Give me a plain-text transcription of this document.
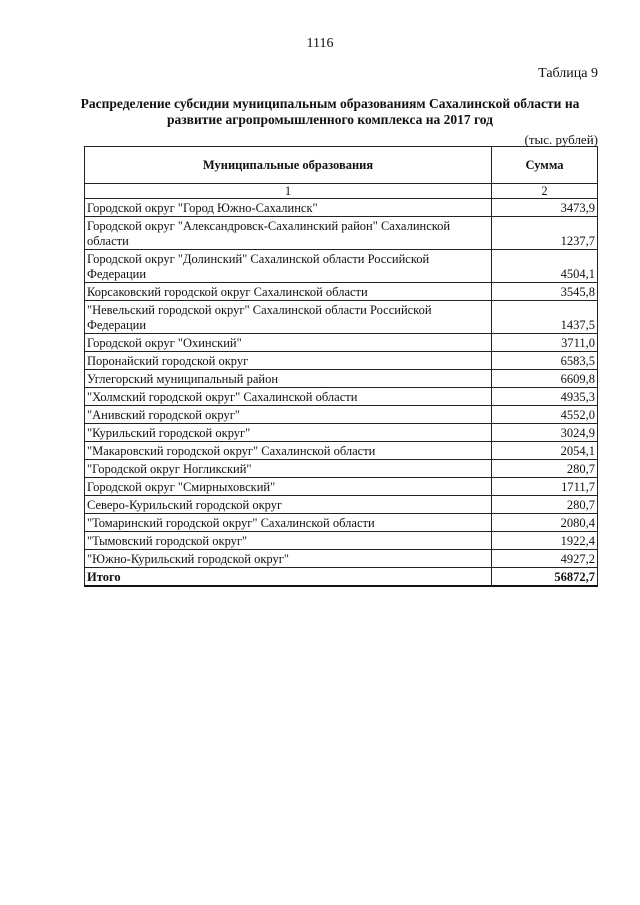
1116
Таблица 9
Распределение субсидии муниципальным образованиям Сахалинской области на развитие агропромышленного комплекса на 2017 год
(тыс. рублей)
Муниципальные образования	Сумма
1	2
Городской округ "Город Южно-Сахалинск"	3473,9
Городской округ "Александровск-Сахалинский район" Сахалинской области	1237,7
Городской округ "Долинский" Сахалинской области Российской Федерации	4504,1
Корсаковский городской округ Сахалинской области	3545,8
"Невельский городской округ" Сахалинской области Российской Федерации	1437,5
Городской округ "Охинский"	3711,0
Поронайский городской округ	6583,5
Углегорский муниципальный район	6609,8
"Холмский городской округ" Сахалинской области	4935,3
"Анивский городской округ"	4552,0
"Курильский городской округ"	3024,9
"Макаровский городской округ" Сахалинской области	2054,1
"Городской округ Ногликский"	280,7
Городской округ "Смирныховский"	1711,7
Северо-Курильский городской округ	280,7
"Томаринский городской округ" Сахалинской области	2080,4
"Тымовский городской округ"	1922,4
"Южно-Курильский городской округ"	4927,2
Итого	56872,7
